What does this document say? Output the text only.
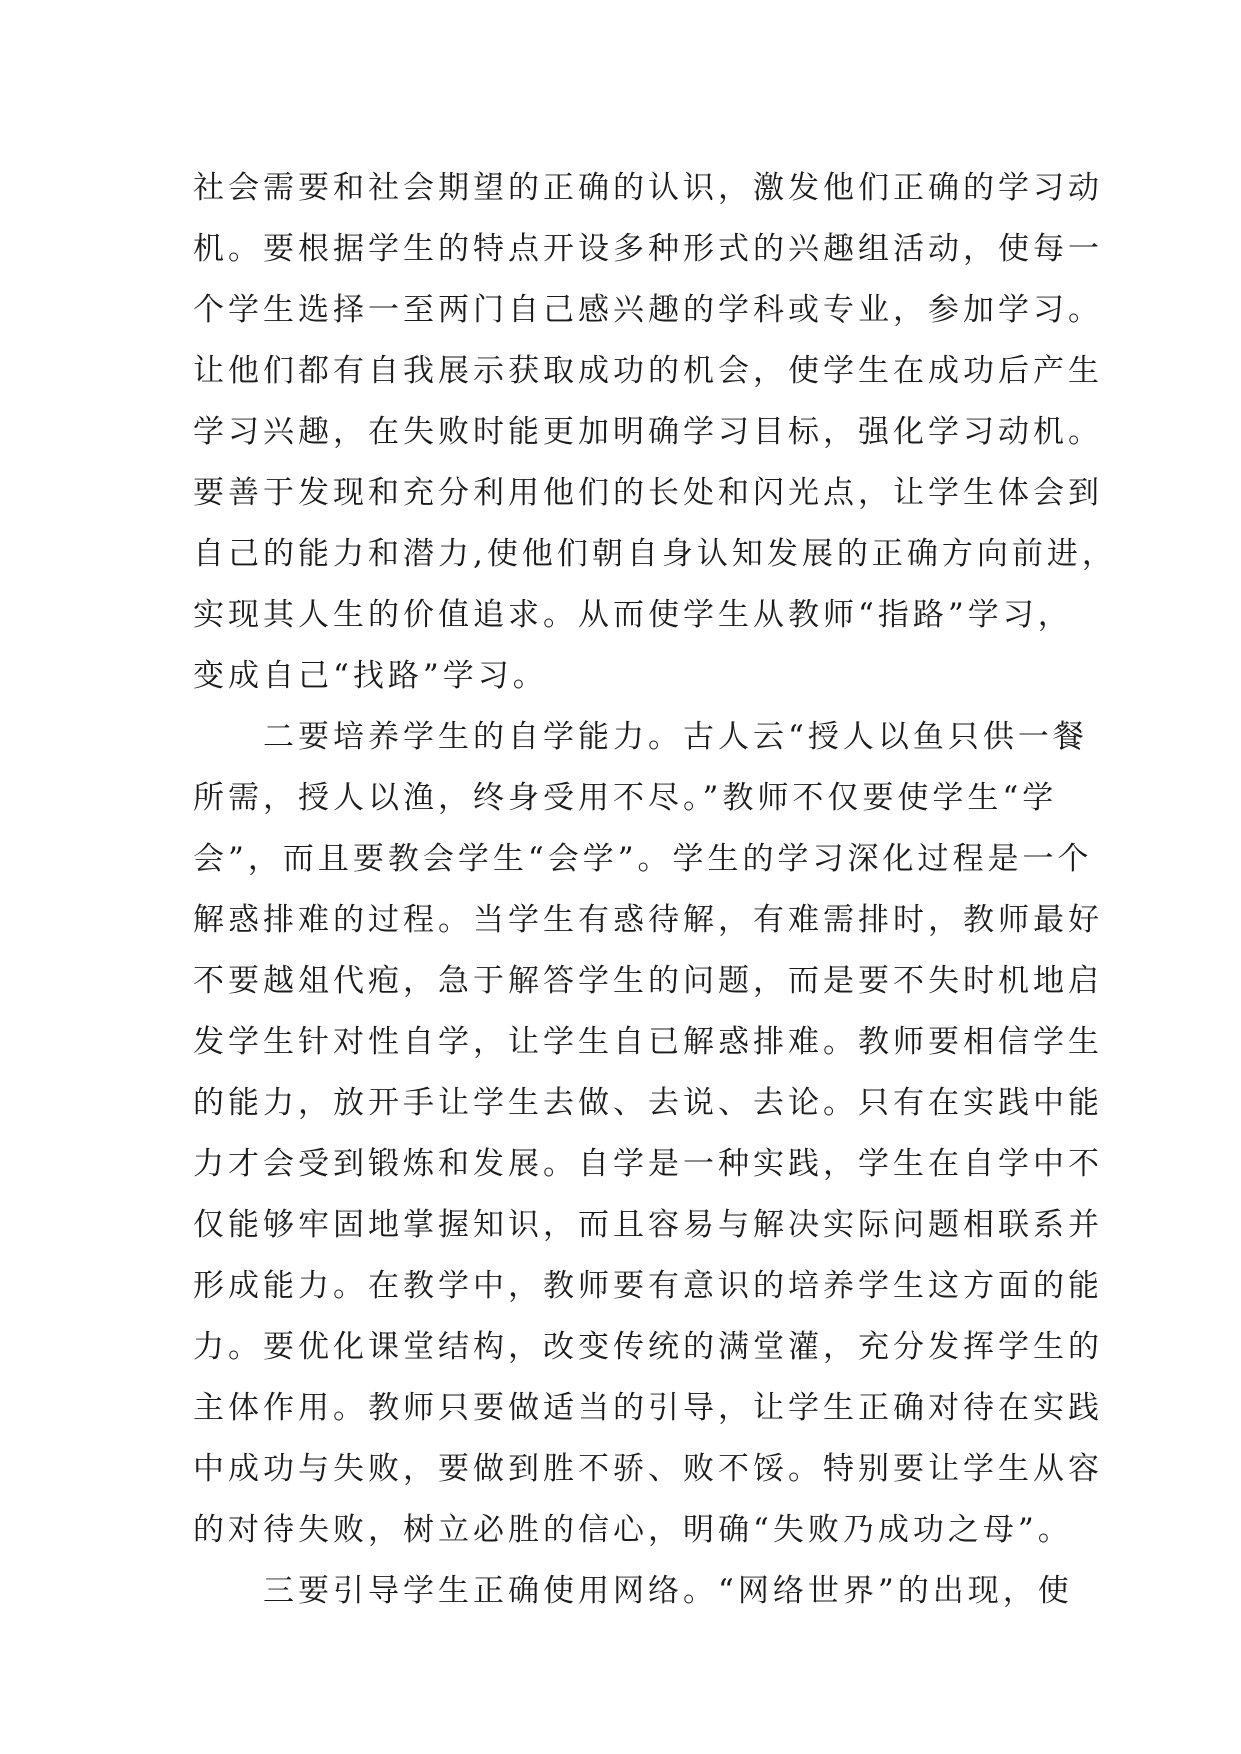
社会需要和社会期望的正确的认识，激发他们正确的学习动
机。要根据学生的特点开设多种形式的兴趣组活动，使每一
个学生选择一至两门自己感兴趣的学科或专业，参加学习。
让他们都有自我展示获取成功的机会，使学生在成功后产生
学习兴趣，在失败时能更加明确学习目标，强化学习动机。
要善于发现和充分利用他们的长处和闪光点，让学生体会到
自己的能力和潜力,使他们朝自身认知发展的正确方向前进，
实现其人生的价值追求。从而使学生从教师“指路”学习，
变成自己“找路”学习。
二要培养学生的自学能力。古人云“授人以鱼只供一餐
所需，授人以渔，终身受用不尽。”教师不仅要使学生“学
会”，而且要教会学生“会学”。学生的学习深化过程是一个
解惑排难的过程。当学生有惑待解，有难需排时，教师最好
不要越俎代疱，急于解答学生的问题，而是要不失时机地启
发学生针对性自学，让学生自已解惑排难。教师要相信学生
的能力，放开手让学生去做、去说、去论。只有在实践中能
力才会受到锻炼和发展。自学是一种实践，学生在自学中不
仅能够牢固地掌握知识，而且容易与解决实际问题相联系并
形成能力。在教学中，教师要有意识的培养学生这方面的能
力。要优化课堂结构，改变传统的满堂灌，充分发挥学生的
主体作用。教师只要做适当的引导，让学生正确对待在实践
中成功与失败，要做到胜不骄、败不馁。特别要让学生从容
的对待失败，树立必胜的信心，明确“失败乃成功之母”。
三要引导学生正确使用网络。“网络世界”的出现，使
